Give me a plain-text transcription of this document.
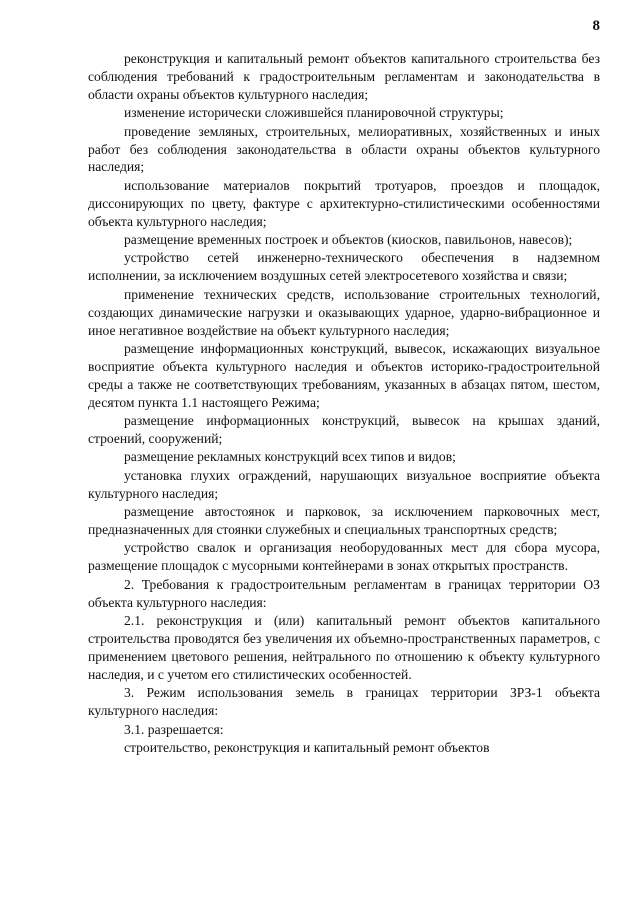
8

реконструкция и капитальный ремонт объектов капитального строительства без соблюдения требований к градостроительным регламентам и законодательства в области охраны объектов культурного наследия;

изменение исторически сложившейся планировочной структуры;

проведение земляных, строительных, мелиоративных, хозяйственных и иных работ без соблюдения законодательства в области охраны объектов культурного наследия;

использование материалов покрытий тротуаров, проездов и площадок, диссонирующих по цвету, фактуре с архитектурно-стилистическими особенностями объекта культурного наследия;

размещение временных построек и объектов (киосков, павильонов, навесов);

устройство сетей инженерно-технического обеспечения в надземном исполнении, за исключением воздушных сетей электросетевого хозяйства и связи;

применение технических средств, использование строительных технологий, создающих динамические нагрузки и оказывающих ударное, ударно-вибрационное и иное негативное воздействие на объект культурного наследия;

размещение информационных конструкций, вывесок, искажающих визуальное восприятие объекта культурного наследия и объектов историко-градостроительной среды а также не соответствующих требованиям, указанных в абзацах пятом, шестом, десятом пункта 1.1 настоящего Режима;

размещение информационных конструкций, вывесок на крышах зданий, строений, сооружений;

размещение рекламных конструкций всех типов и видов;

установка глухих ограждений, нарушающих визуальное восприятие объекта культурного наследия;

размещение автостоянок и парковок, за исключением парковочных мест, предназначенных для стоянки служебных и специальных транспортных средств;

устройство свалок и организация необорудованных мест для сбора мусора, размещение площадок с мусорными контейнерами в зонах открытых пространств.

2. Требования к градостроительным регламентам в границах территории ОЗ объекта культурного наследия:

2.1. реконструкция и (или) капитальный ремонт объектов капитального строительства проводятся без увеличения их объемно-пространственных параметров, с применением цветового решения, нейтрального по отношению к объекту культурного наследия, и с учетом его стилистических особенностей.

3. Режим использования земель в границах территории ЗРЗ-1 объекта культурного наследия:

3.1. разрешается:

строительство, реконструкция и капитальный ремонт объектов
